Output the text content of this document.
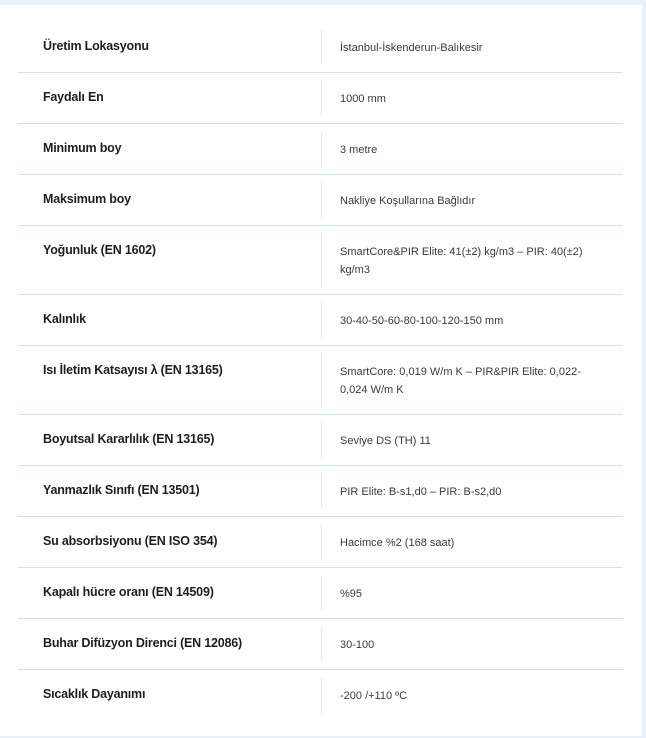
Üretim Lokasyonu	İstanbul-İskenderun-Balıkesir
Faydalı En	1000 mm
Minimum boy	3 metre
Maksimum boy	Nakliye Koşullarına Bağlıdır
Yoğunluk (EN 1602)	SmartCore&PIR Elite: 41(±2) kg/m3 – PIR: 40(±2) kg/m3
Kalınlık	30-40-50-60-80-100-120-150 mm
Isı İletim Katsayısı λ (EN 13165)	SmartCore: 0,019 W/m K – PIR&PIR Elite: 0,022-0,024 W/m K
Boyutsal Kararlılık (EN 13165)	Seviye DS (TH) 11
Yanmazlık Sınıfı (EN 13501)	PIR Elite: B-s1,d0 – PIR: B-s2,d0
Su absorbsiyonu (EN ISO 354)	Hacimce %2 (168 saat)
Kapalı hücre oranı (EN 14509)	%95
Buhar Difüzyon Direnci (EN 12086)	30-100
Sıcaklık Dayanımı	-200 /+110 ºC
